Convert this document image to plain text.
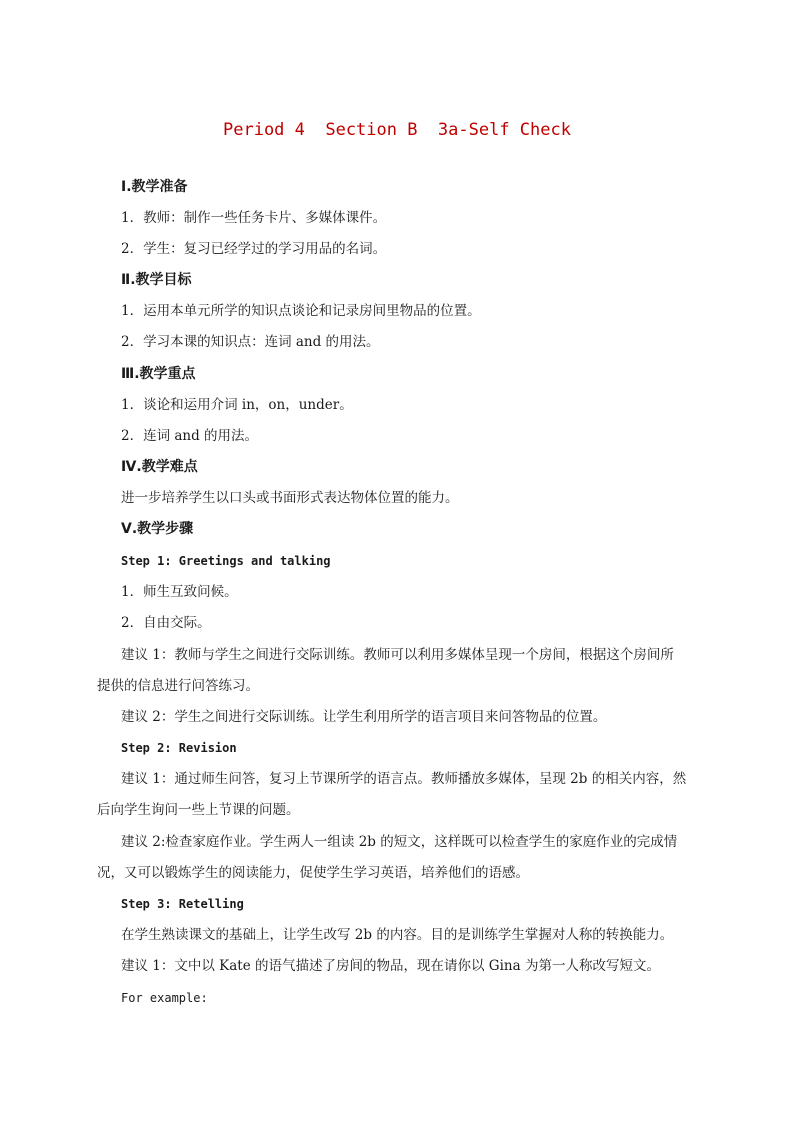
Period 4  Section B  3a-Self Check
Ⅰ.教学准备
1．教师：制作一些任务卡片、多媒体课件。
2．学生：复习已经学过的学习用品的名词。
Ⅱ.教学目标
1．运用本单元所学的知识点谈论和记录房间里物品的位置。
2．学习本课的知识点：连词 and 的用法。
Ⅲ.教学重点
1．谈论和运用介词 in，on，under。
2．连词 and 的用法。
Ⅳ.教学难点
进一步培养学生以口头或书面形式表达物体位置的能力。
Ⅴ.教学步骤
Step 1: Greetings and talking
1．师生互致问候。
2．自由交际。
建议 1：教师与学生之间进行交际训练。教师可以利用多媒体呈现一个房间，根据这个房间所
提供的信息进行问答练习。
建议 2：学生之间进行交际训练。让学生利用所学的语言项目来问答物品的位置。
Step 2: Revision
建议 1：通过师生问答，复习上节课所学的语言点。教师播放多媒体，呈现 2b 的相关内容，然
后向学生询问一些上节课的问题。
建议 2:检查家庭作业。学生两人一组读 2b 的短文，这样既可以检查学生的家庭作业的完成情
况，又可以锻炼学生的阅读能力，促使学生学习英语，培养他们的语感。
Step 3: Retelling
在学生熟读课文的基础上，让学生改写 2b 的内容。目的是训练学生掌握对人称的转换能力。
建议 1：文中以 Kate 的语气描述了房间的物品，现在请你以 Gina 为第一人称改写短文。
For example:
